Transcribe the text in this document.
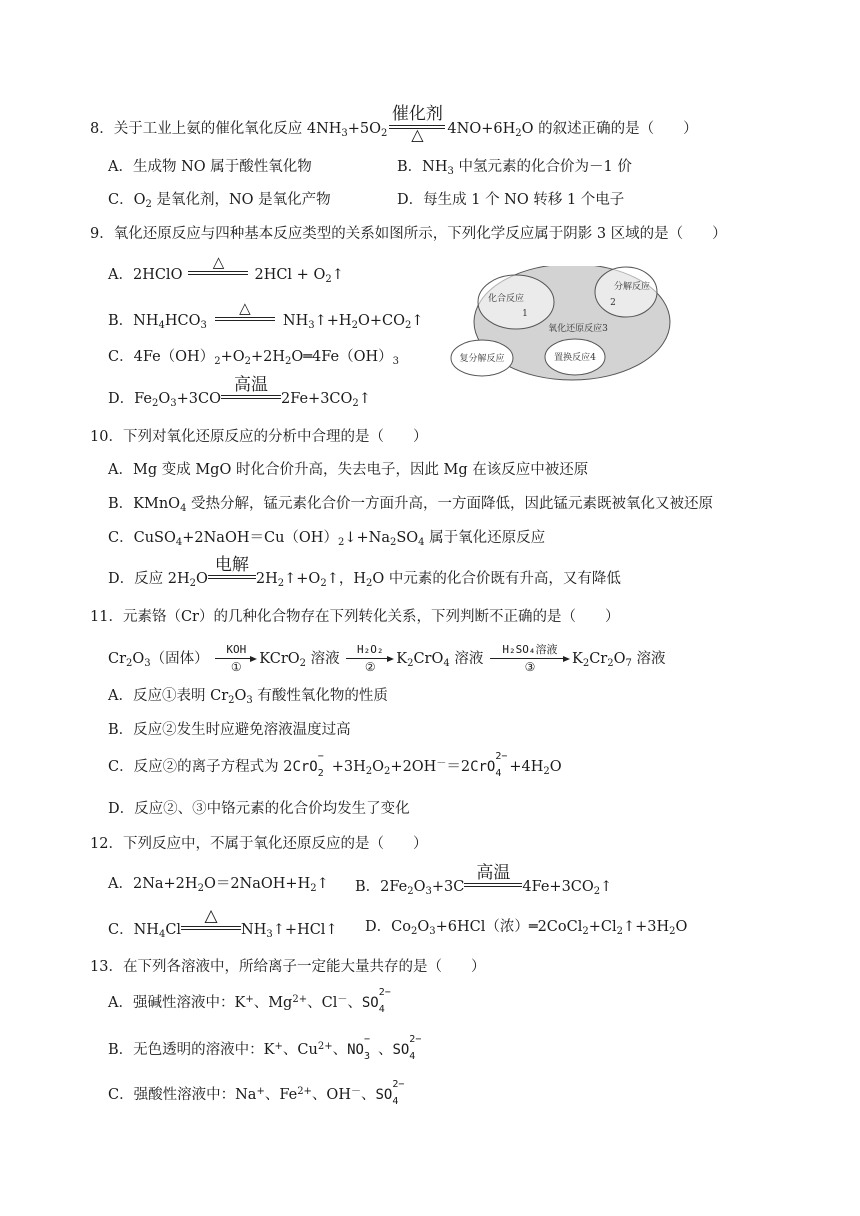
8．关于工业上氨的催化氧化反应 $4NH_3+5O_2$
催化剂
△	$4NO+6H_2O$ 的叙述正确的是（　　）
A．生成物 NO 属于酸性氧化物	B．$NH_3$ 中氢元素的化合价为－1 价
C．$O_2$ 是氧化剂，NO 是氧化产物	D．每生成 1 个 NO 转移 1 个电子
9．氧化还原反应与四种基本反应类型的关系如图所示，下列化学反应属于阴影 3 区域的是（　　）
A．2HClO
△
$2HCl + O_2↑$
B．$NH_4HCO_3$
△
$NH_3↑+H_2O+CO_2↑$
C．$4Fe(OH)_2+O_2+2H_2O═4Fe(OH)_3$
D．$Fe_2O_3+3CO$
高温
$2Fe+3CO_2↑$
化合反应
1
分解反应
2
氧化还原反应3
复分解反应	置换反应4
10．下列对氧化还原反应的分析中合理的是（　　）
A．Mg 变成 MgO 时化合价升高，失去电子，因此 Mg 在该反应中被还原
B．KMnO$_4$ 受热分解，锰元素化合价一方面升高，一方面降低，因此锰元素既被氧化又被还原
C．$CuSO_4+2NaOH=Cu(OH)_2↓+Na_2SO_4$ 属于氧化还原反应
D．反应 $2H_2O$
电解
$2H_2↑+O_2↑$，$H_2O$ 中元素的化合价既有升高，又有降低
11．元素铬（Cr）的几种化合物存在下列转化关系，下列判断不正确的是（　　）
$Cr_2O_3$（固体）
KOH
①	KCrO$_2$ 溶液
H₂O₂
②	$K_2CrO_4$ 溶液
H₂SO₄溶液
③	$K_2Cr_2O_7$ 溶液
A．反应①表明 $Cr_2O_3$ 有酸性氧化物的性质
B．反应②发生时应避免溶液温度过高
C．反应②的离子方程式为 2CrO
−
$2 +3H_2O_2+2OH^-=2CrO$
2−
$4 +4H_2O$
D．反应②、③中铬元素的化合价均发生了变化
12．下列反应中，不属于氧化还原反应的是（　　）
A．$2Na+2H_2O=2NaOH+H_2↑$ B．$2Fe_2O_3+3C$
高温
$4Fe+3CO_2↑$
C．$NH_4Cl$
△
$NH_3↑+HCl↑$ D．$Co_2O_3+6HCl$（浓）$═2CoCl_2+Cl_2↑+3H_2O$
13．在下列各溶液中，所给离子一定能大量共存的是（　　）
A．强碱性溶液中：K+、$Mg^{2+}$、Cl－、SO
2−
4
B．无色透明的溶液中：K+、$Cu^{2+}$、NO
−
3 、SO
2−
4
C．强酸性溶液中：Na+、$Fe^{2+}$、OH－、SO
2−
4
